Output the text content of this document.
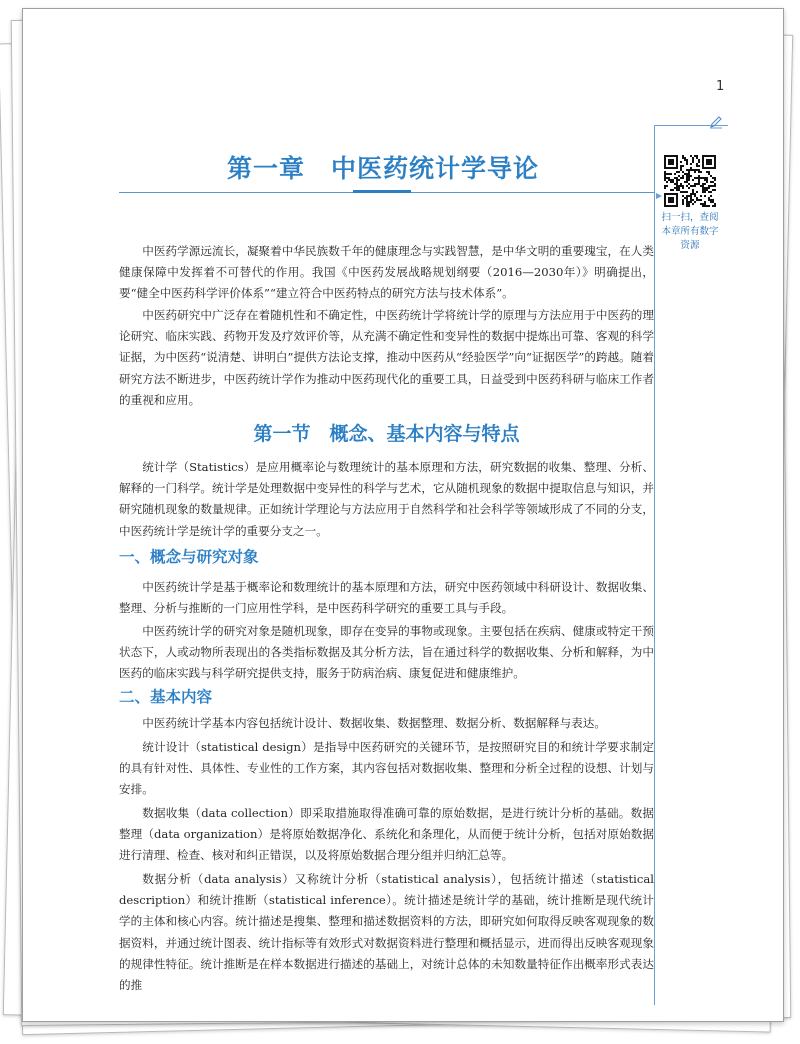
1
扫一扫，查阅本章所有数字资源
第一章　中医药统计学导论
中医药学源远流长，凝聚着中华民族数千年的健康理念与实践智慧，是中华文明的重要瑰宝，在人类健康保障中发挥着不可替代的作用。我国《中医药发展战略规划纲要（2016—2030年）》明确提出，要“健全中医药科学评价体系”“建立符合中医药特点的研究方法与技术体系”。
中医药研究中广泛存在着随机性和不确定性，中医药统计学将统计学的原理与方法应用于中医药的理论研究、临床实践、药物开发及疗效评价等，从充满不确定性和变异性的数据中提炼出可靠、客观的科学证据，为中医药“说清楚、讲明白”提供方法论支撑，推动中医药从“经验医学”向“证据医学”的跨越。随着研究方法不断进步，中医药统计学作为推动中医药现代化的重要工具，日益受到中医药科研与临床工作者的重视和应用。
第一节　概念、基本内容与特点
统计学（Statistics）是应用概率论与数理统计的基本原理和方法，研究数据的收集、整理、分析、解释的一门科学。统计学是处理数据中变异性的科学与艺术，它从随机现象的数据中提取信息与知识，并研究随机现象的数量规律。正如统计学理论与方法应用于自然科学和社会科学等领域形成了不同的分支，中医药统计学是统计学的重要分支之一。
一、概念与研究对象
中医药统计学是基于概率论和数理统计的基本原理和方法，研究中医药领域中科研设计、数据收集、整理、分析与推断的一门应用性学科，是中医药科学研究的重要工具与手段。
中医药统计学的研究对象是随机现象，即存在变异的事物或现象。主要包括在疾病、健康或特定干预状态下，人或动物所表现出的各类指标数据及其分析方法，旨在通过科学的数据收集、分析和解释，为中医药的临床实践与科学研究提供支持，服务于防病治病、康复促进和健康维护。
二、基本内容
中医药统计学基本内容包括统计设计、数据收集、数据整理、数据分析、数据解释与表达。
统计设计（statistical design）是指导中医药研究的关键环节，是按照研究目的和统计学要求制定的具有针对性、具体性、专业性的工作方案，其内容包括对数据收集、整理和分析全过程的设想、计划与安排。
数据收集（data collection）即采取措施取得准确可靠的原始数据，是进行统计分析的基础。数据整理（data organization）是将原始数据净化、系统化和条理化，从而便于统计分析，包括对原始数据进行清理、检查、核对和纠正错误，以及将原始数据合理分组并归纳汇总等。
数据分析（data analysis）又称统计分析（statistical analysis），包括统计描述（statistical description）和统计推断（statistical inference）。统计描述是统计学的基础，统计推断是现代统计学的主体和核心内容。统计描述是搜集、整理和描述数据资料的方法，即研究如何取得反映客观现象的数据资料，并通过统计图表、统计指标等有效形式对数据资料进行整理和概括显示，进而得出反映客观现象的规律性特征。统计推断是在样本数据进行描述的基础上，对统计总体的未知数量特征作出概率形式表达的推
